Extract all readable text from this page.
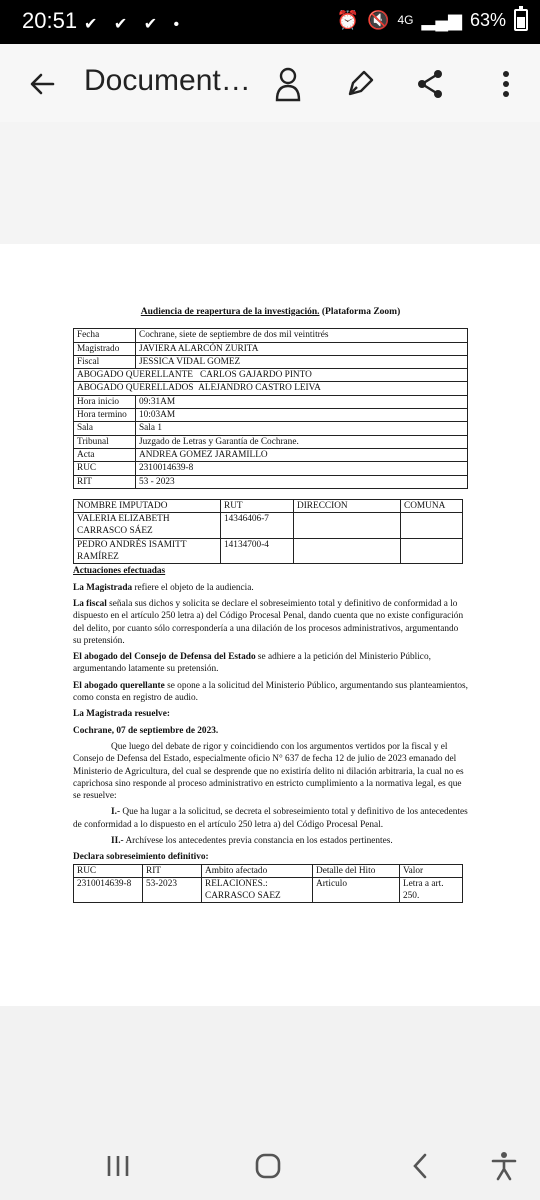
20:51 ✔ ✔ ✔ •	⏰ 🔇 4G ▂▄▆ 63%
Document…
Audiencia de reapertura de la investigación. (Plataforma Zoom)
Fecha	Cochrane, siete de septiembre de dos mil veintitrés
Magistrado	JAVIERA ALARCÓN ZURITA
Fiscal	JESSICA VIDAL GOMEZ
ABOGADO QUERELLANTE CARLOS GAJARDO PINTO	
ABOGADO QUERELLADOS ALEJANDRO CASTRO LEIVA	
Hora inicio	09:31AM
Hora termino	10:03AM
Sala	Sala 1
Tribunal	Juzgado de Letras y Garantía de Cochrane.
Acta	ANDREA GOMEZ JARAMILLO
RUC	2310014639-8
RIT	53 - 2023
NOMBRE IMPUTADO	RUT	DIRECCION	COMUNA
VALERIA ELIZABETH CARRASCO SÁEZ	14346406-7		
PEDRO ANDRÉS ISAMITT RAMÍREZ	14134700-4		

Actuaciones efectuadas

La Magistrada refiere el objeto de la audiencia.

La fiscal señala sus dichos y solicita se declare el sobreseimiento total y definitivo de conformidad a lo dispuesto en el artículo 250 letra a) del Código Procesal Penal, dando cuenta que no existe configuración del delito, por cuanto sólo correspondería a una dilación de los procesos administrativos, argumentando su pretensión.

El abogado del Consejo de Defensa del Estado se adhiere a la petición del Ministerio Público, argumentando latamente su pretensión.

El abogado querellante se opone a la solicitud del Ministerio Público, argumentando sus planteamientos, como consta en registro de audio.

La Magistrada resuelve:

Cochrane, 07 de septiembre de 2023.

Que luego del debate de rigor y coincidiendo con los argumentos vertidos por la fiscal y el Consejo de Defensa del Estado, especialmente oficio N° 637 de fecha 12 de julio de 2023 emanado del Ministerio de Agricultura, del cual se desprende que no existiría delito ni dilación arbitraria, la cual no es caprichosa sino responde al proceso administrativo en estricto cumplimiento a la normativa legal, es que se resuelve:

I.- Que ha lugar a la solicitud, se decreta el sobreseimiento total y definitivo de los antecedentes de conformidad a lo dispuesto en el artículo 250 letra a) del Código Procesal Penal.

II.- Archívese los antecedentes previa constancia en los estados pertinentes.

Declara sobreseimiento definitivo:

RUC	RIT	Ambito afectado	Detalle del Hito	Valor
2310014639-8	53-2023	RELACIONES.: CARRASCO SAEZ	Articulo	Letra a art. 250.
